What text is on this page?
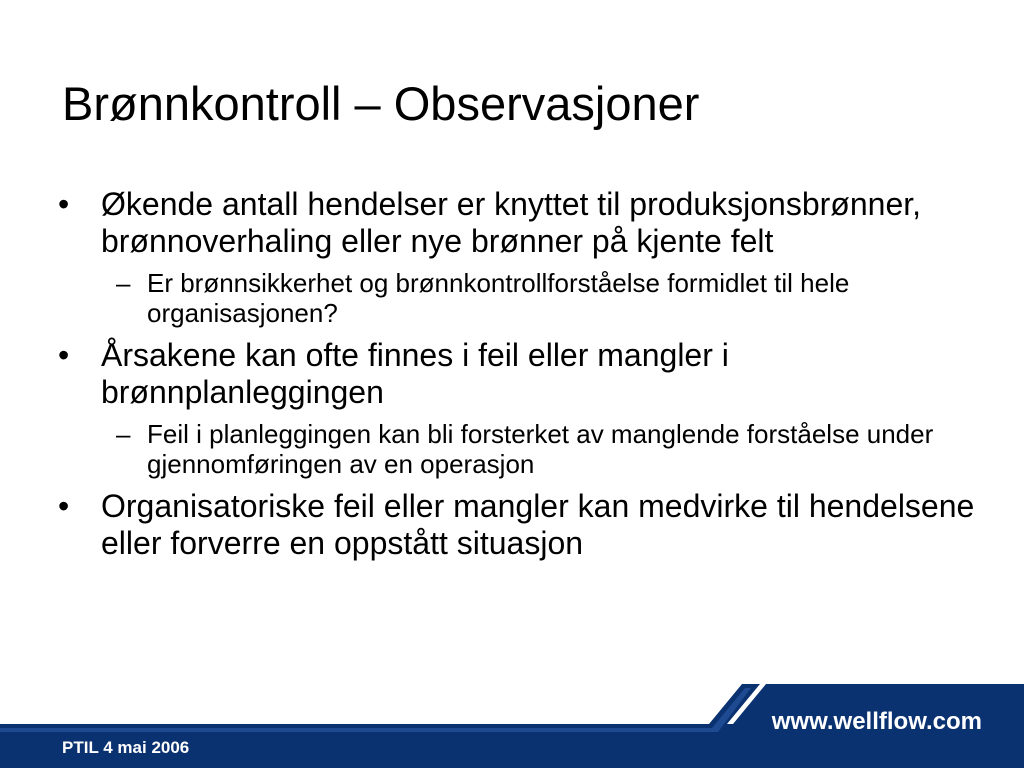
Brønnkontroll – Observasjoner
• Økende antall hendelser er knyttet til produksjonsbrønner, brønnoverhaling eller nye brønner på kjente felt
– Er brønnsikkerhet og brønnkontrollforståelse formidlet til hele organisasjonen?
• Årsakene kan ofte finnes i feil eller mangler i brønnplanleggingen
– Feil i planleggingen kan bli forsterket av manglende forståelse under gjennomføringen av en operasjon
• Organisatoriske feil eller mangler kan medvirke til hendelsene eller forverre en oppstått situasjon
www.wellflow.com
PTIL 4 mai 2006
